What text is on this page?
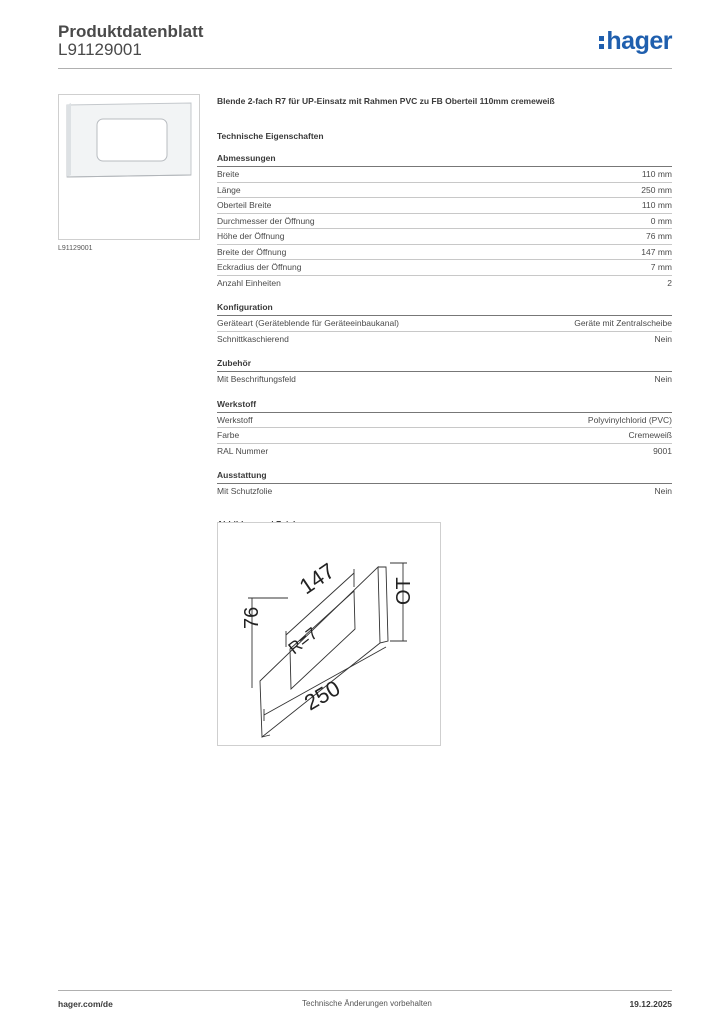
Produktdatenblatt
L91129001	hager
L91129001
Blende 2-fach R7 für UP-Einsatz mit Rahmen PVC zu FB Oberteil 110mm cremeweiß
Technische Eigenschaften
Abmessungen
Breite	110 mm
Länge	250 mm
Oberteil Breite	110 mm
Durchmesser der Öffnung	0 mm
Höhe der Öffnung	76 mm
Breite der Öffnung	147 mm
Eckradius der Öffnung	7 mm
Anzahl Einheiten	2
Konfiguration
Geräteart (Geräteblende für Geräteeinbaukanal)	Geräte mit Zentralscheibe
Schnittkaschierend	Nein
Zubehör
Mit Beschriftungsfeld	Nein
Werkstoff
Werkstoff	Polyvinylchlorid (PVC)
Farbe	Cremeweiß
RAL Nummer	9001
Ausstattung
Mit Schutzfolie	Nein
147
76
R=7
250
OT
hager.com/de	Technische Änderungen vorbehalten	19.12.2025
